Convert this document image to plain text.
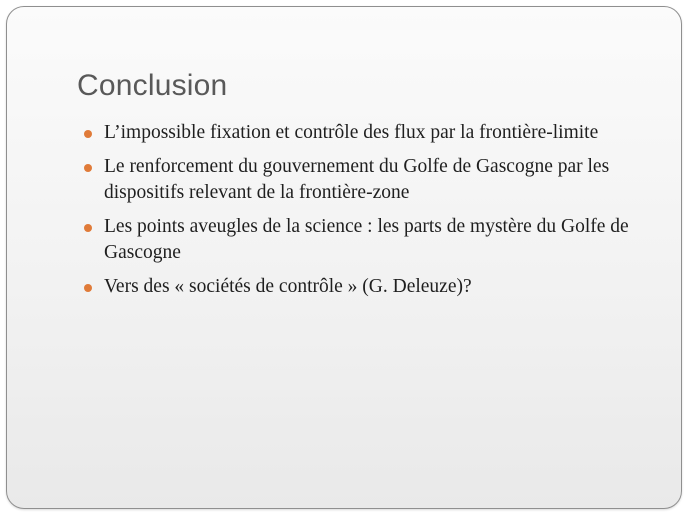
Conclusion
L’impossible fixation et contrôle des flux par la frontière-limite
Le renforcement du gouvernement du Golfe de Gascogne par les dispositifs relevant de la frontière-zone
Les points aveugles de la science : les parts de mystère du Golfe de Gascogne
Vers des « sociétés de contrôle » (G. Deleuze)?
